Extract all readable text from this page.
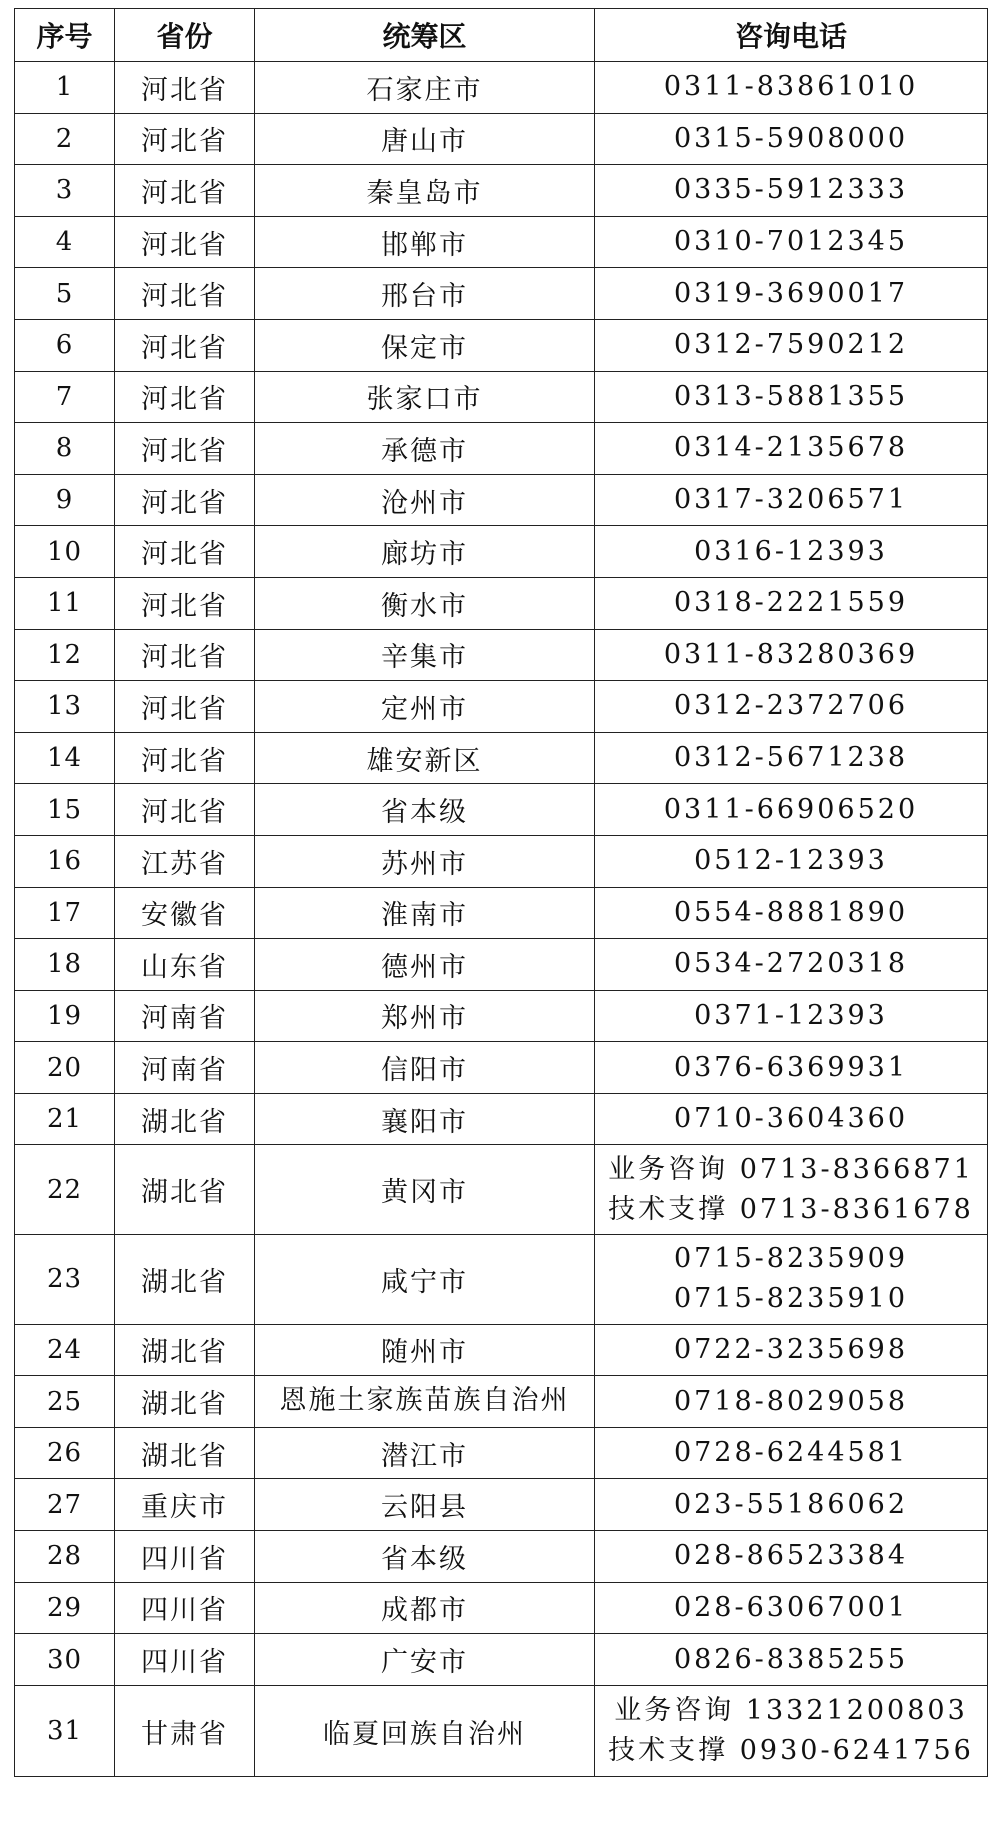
序号	省份	统筹区	咨询电话
1	河北省	石家庄市	0311-83861010

2	河北省	唐山市	0315-5908000

3	河北省	秦皇岛市	0335-5912333

4	河北省	邯郸市	0310-7012345

5	河北省	邢台市	0319-3690017

6	河北省	保定市	0312-7590212

7	河北省	张家口市	0313-5881355

8	河北省	承德市	0314-2135678

9	河北省	沧州市	0317-3206571

10	河北省	廊坊市	0316-12393

11	河北省	衡水市	0318-2221559

12	河北省	辛集市	0311-83280369

13	河北省	定州市	0312-2372706

14	河北省	雄安新区	0312-5671238

15	河北省	省本级	0311-66906520

16	江苏省	苏州市	0512-12393

17	安徽省	淮南市	0554-8881890

18	山东省	德州市	0534-2720318

19	河南省	郑州市	0371-12393

20	河南省	信阳市	0376-6369931

21	湖北省	襄阳市	0710-3604360

22	湖北省	黄冈市	业务咨询 0713-8366871
技术支撑 0713-8361678

23	湖北省	咸宁市	0715-8235909
0715-8235910

24	湖北省	随州市	0722-3235698

25	湖北省	恩施土家族苗族自治州	0718-8029058

26	湖北省	潜江市	0728-6244581

27	重庆市	云阳县	023-55186062

28	四川省	省本级	028-86523384

29	四川省	成都市	028-63067001

30	四川省	广安市	0826-8385255

31	甘肃省	临夏回族自治州	业务咨询 13321200803
技术支撑 0930-6241756
